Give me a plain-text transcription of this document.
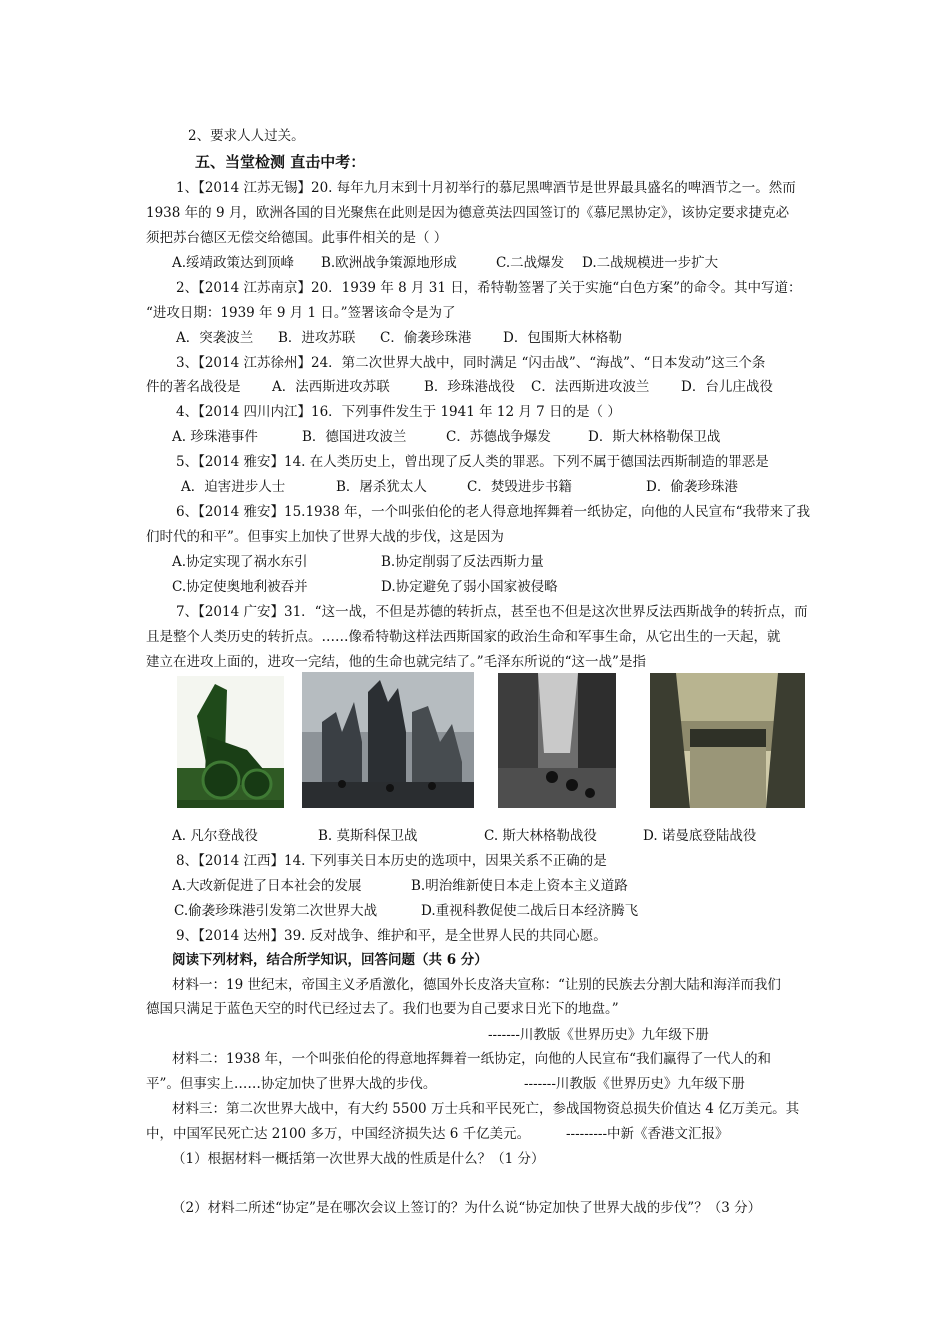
2、要求人人过关。
五、当堂检测 直击中考：
1、【2014 江苏无锡】20. 每年九月末到十月初举行的慕尼黑啤酒节是世界最具盛名的啤酒节之一。然而
1938 年的 9 月，欧洲各国的目光聚焦在此则是因为德意英法四国签订的《慕尼黑协定》，该协定要求捷克必
须把苏台德区无偿交给德国。此事件相关的是（ ）
A.绥靖政策达到顶峰 B.欧洲战争策源地形成	C.二战爆发 D.二战规模进一步扩大
2、【2014 江苏南京】20．1939 年 8 月 31 日，希特勒签署了关于实施“白色方案”的命令。其中写道：
“进攻日期：1939 年 9 月 1 日。”签署该命令是为了
A．突袭波兰 B．进攻苏联 C．偷袭珍珠港 D．包围斯大林格勒
3、【2014 江苏徐州】24．第二次世界大战中，同时满足 “闪击战”、“海战”、“日本发动”这三个条
件的著名战役是 A．法西斯进攻苏联	B．珍珠港战役 C．法西斯进攻波兰 D．台儿庄战役
4、【2014 四川内江】16．下列事件发生于 1941 年 12 月 7 日的是（ ）
A. 珍珠港事件	B．德国进攻波兰	C．苏德战争爆发	D．斯大林格勒保卫战
5、【2014 雅安】14. 在人类历史上，曾出现了反人类的罪恶。下列不属于德国法西斯制造的罪恶是
A．迫害进步人士	B．屠杀犹太人	C．焚毁进步书籍	D．偷袭珍珠港
6、【2014 雅安】15.1938 年，一个叫张伯伦的老人得意地挥舞着一纸协定，向他的人民宣布“我带来了我
们时代的和平”。但事实上加快了世界大战的步伐，这是因为
A.协定实现了祸水东引	B.协定削弱了反法西斯力量
C.协定使奥地利被吞并	D.协定避免了弱小国家被侵略
7、【2014 广安】31．“这一战，不但是苏德的转折点，甚至也不但是这次世界反法西斯战争的转折点，而
且是整个人类历史的转折点。……像希特勒这样法西斯国家的政治生命和军事生命，从它出生的一天起，就
建立在进攻上面的，进攻一完结，他的生命也就完结了。”毛泽东所说的“这一战”是指
A. 凡尔登战役	B. 莫斯科保卫战	C. 斯大林格勒战役	D. 诺曼底登陆战役
8、【2014 江西】14. 下列事关日本历史的选项中，因果关系不正确的是
A.大改新促进了日本社会的发展	B.明治维新使日本走上资本主义道路
C.偷袭珍珠港引发第二次世界大战	D.重视科教促使二战后日本经济腾飞
9、【2014 达州】39. 反对战争、维护和平，是全世界人民的共同心愿。
阅读下列材料，结合所学知识，回答问题（共 6 分）
材料一：19 世纪末，帝国主义矛盾激化，德国外长皮洛夫宣称：“让别的民族去分割大陆和海洋而我们
德国只满足于蓝色天空的时代已经过去了。我们也要为自己要求日光下的地盘。”
-------川教版《世界历史》九年级下册
材料二：1938 年，一个叫张伯伦的得意地挥舞着一纸协定，向他的人民宣布“我们赢得了一代人的和
平”。但事实上……协定加快了世界大战的步伐。	-------川教版《世界历史》九年级下册
材料三：第二次世界大战中，有大约 5500 万士兵和平民死亡，参战国物资总损失价值达 4 亿万美元。其
中，中国军民死亡达 2100 多万，中国经济损失达 6 千亿美元。	---------中新《香港文汇报》
（1）根据材料一概括第一次世界大战的性质是什么？（1 分）
（2）材料二所述“协定”是在哪次会议上签订的？为什么说“协定加快了世界大战的步伐”？（3 分）
